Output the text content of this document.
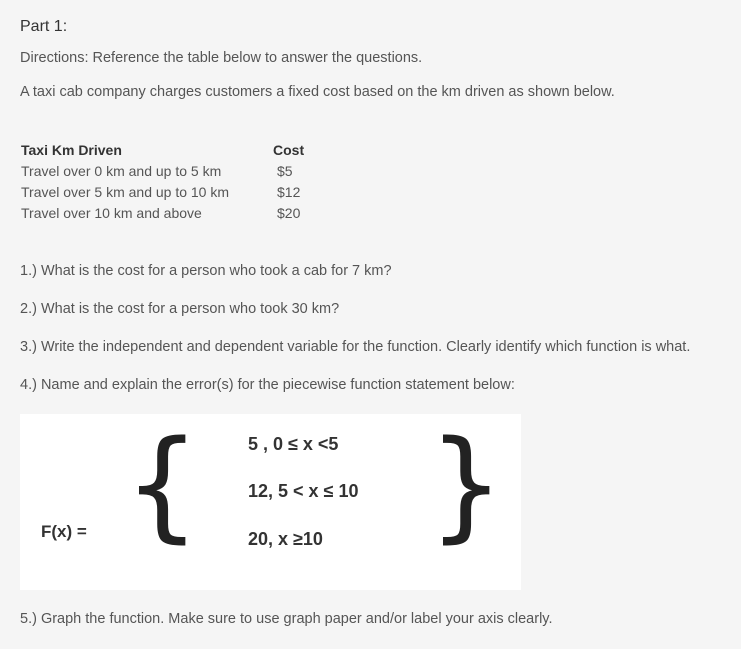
Part 1:
Directions: Reference the table below to answer the questions.
A taxi cab company charges customers a fixed cost based on the km driven as shown below.
Taxi Km Driven	Cost
Travel over 0 km and up to 5 km	$5
Travel over 5 km and up to 10 km	$12
Travel over 10 km and above	$20
1.) What is the cost for a person who took a cab for 7 km?
2.) What is the cost for a person who took 30 km?
3.) Write the independent and dependent variable for the function. Clearly identify which function is what.
4.) Name and explain the error(s) for the piecewise function statement below:
F(x) = {	5 , 0 ≤ x <5
12, 5 < x ≤ 10
20, x ≥10 }
5.) Graph the function. Make sure to use graph paper and/or label your axis clearly.
